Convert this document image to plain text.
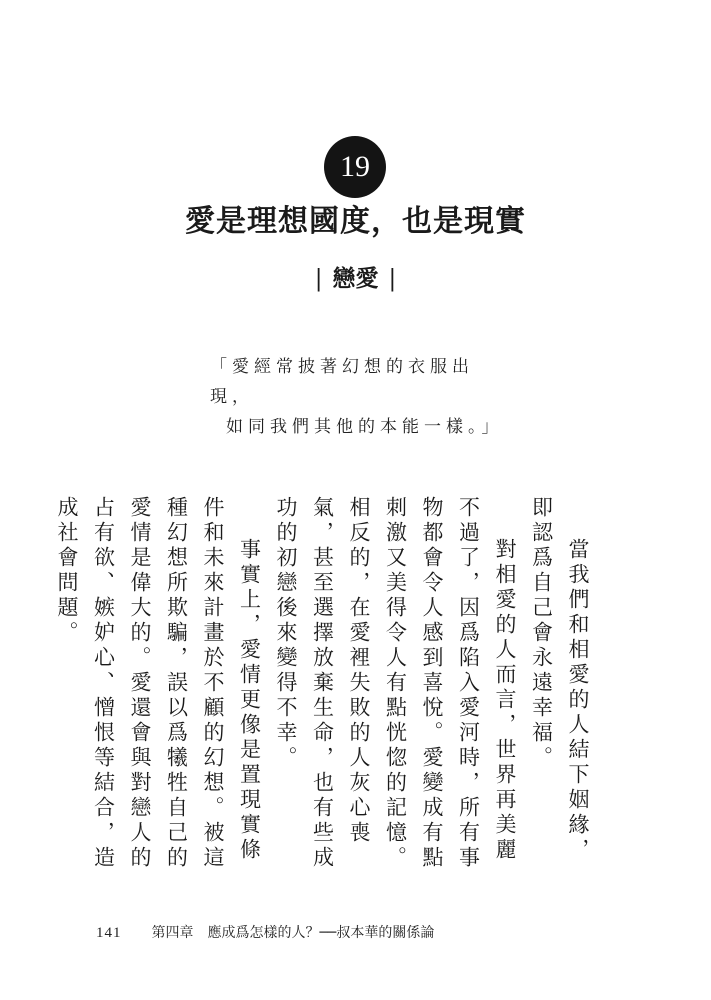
19
愛是理想國度，也是現實
| 戀愛 |
「愛經常披著幻想的衣服出現，
如同我們其他的本能一樣。」

當我們和相愛的人結下姻緣，即認爲自己會永遠幸福。

對相愛的人而言，世界再美麗不過了，因爲陷入愛河時，所有事物都會令人感到喜悅。愛變成有點刺激又美得令人有點恍惚的記憶。相反的，在愛裡失敗的人灰心喪氣，甚至選擇放棄生命，也有些成功的初戀後來變得不幸。

事實上，愛情更像是置現實條件和未來計畫於不顧的幻想。被這種幻想所欺騙，誤以爲犧牲自己的愛情是偉大的。愛還會與對戀人的占有欲、嫉妒心、憎恨等結合，造成社會問題。

141 第四章　應成爲怎樣的人？──叔本華的關係論
